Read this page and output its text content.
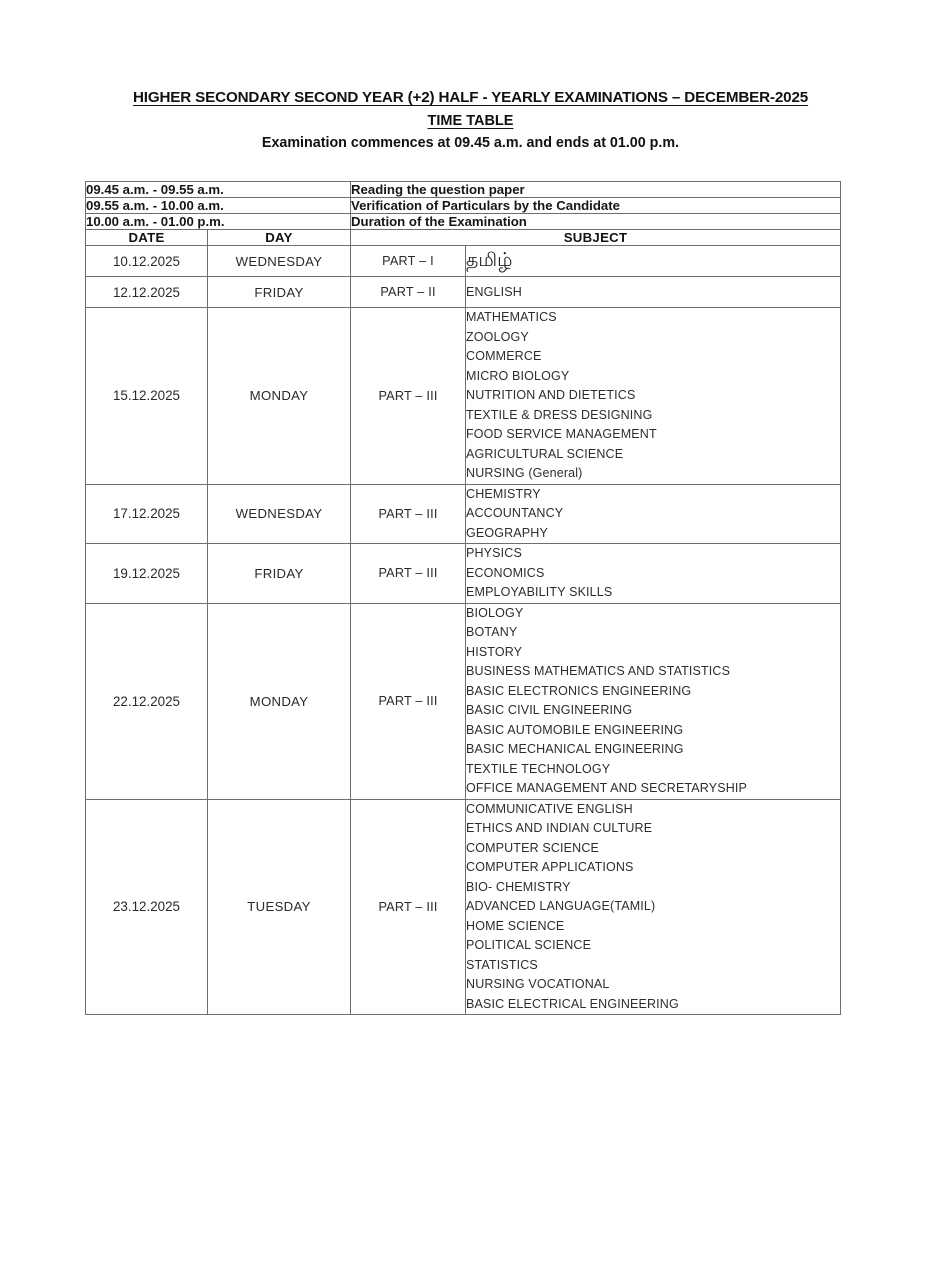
HIGHER SECONDARY SECOND YEAR (+2) HALF - YEARLY EXAMINATIONS – DECEMBER-2025
TIME TABLE
Examination commences at 09.45 a.m. and ends at 01.00 p.m.
09.45 a.m. - 09.55 a.m.		Reading the question paper	
09.55 a.m. - 10.00 a.m.		Verification of Particulars by the Candidate	
10.00 a.m. - 01.00 p.m.		Duration of the Examination	
DATE	DAY	SUBJECT	
10.12.2025	WEDNESDAY	PART – I	தமிழ்

12.12.2025	FRIDAY	PART – II	ENGLISH

15.12.2025	MONDAY	PART – III	
MATHEMATICS
ZOOLOGY
COMMERCE
MICRO BIOLOGY
NUTRITION AND DIETETICS
TEXTILE & DRESS DESIGNING
FOOD SERVICE MANAGEMENT
AGRICULTURAL SCIENCE
NURSING (General)

17.12.2025	WEDNESDAY	PART – III	
CHEMISTRY
ACCOUNTANCY
GEOGRAPHY

19.12.2025	FRIDAY	PART – III	
PHYSICS
ECONOMICS
EMPLOYABILITY SKILLS

22.12.2025	MONDAY	PART – III	
BIOLOGY
BOTANY
HISTORY
BUSINESS MATHEMATICS AND STATISTICS
BASIC ELECTRONICS ENGINEERING
BASIC CIVIL ENGINEERING
BASIC AUTOMOBILE ENGINEERING
BASIC MECHANICAL ENGINEERING
TEXTILE TECHNOLOGY
OFFICE MANAGEMENT AND SECRETARYSHIP

23.12.2025	TUESDAY	PART – III	
COMMUNICATIVE ENGLISH
ETHICS AND INDIAN CULTURE
COMPUTER SCIENCE
COMPUTER APPLICATIONS
BIO- CHEMISTRY
ADVANCED LANGUAGE(TAMIL)
HOME SCIENCE
POLITICAL SCIENCE
STATISTICS
NURSING VOCATIONAL
BASIC ELECTRICAL ENGINEERING
